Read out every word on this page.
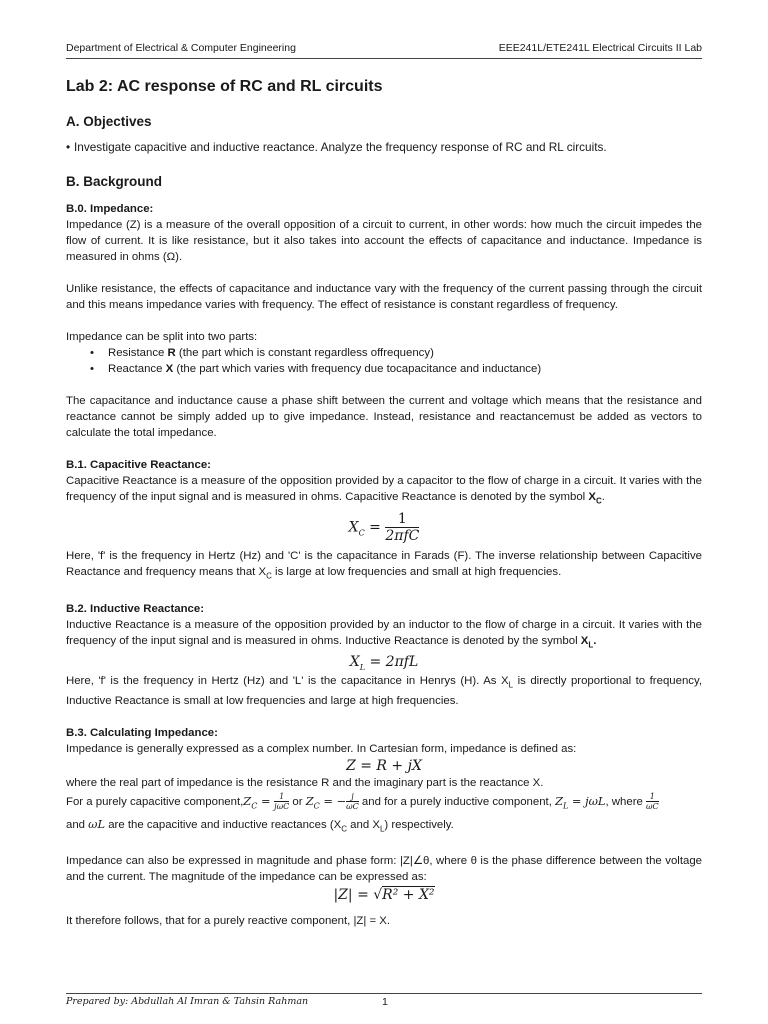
Department of Electrical & Computer Engineering	EEE241L/ETE241L Electrical Circuits II Lab
Lab 2: AC response of RC and RL circuits
A. Objectives
• Investigate capacitive and inductive reactance. Analyze the frequency response of RC and RL circuits.
B. Background

B.0. Impedance:

Impedance (Z) is a measure of the overall opposition of a circuit to current, in other words: how much the circuit impedes the flow of current. It is like resistance, but it also takes into account the effects of capacitance and inductance. Impedance is measured in ohms (Ω).

Unlike resistance, the effects of capacitance and inductance vary with the frequency of the current passing through the circuit and this means impedance varies with frequency. The effect of resistance is constant regardless of frequency.

Impedance can be split into two parts:

•	Resistance R (the part which is constant regardless offrequency)
•	Reactance X (the part which varies with frequency due tocapacitance and inductance)

The capacitance and inductance cause a phase shift between the current and voltage which means that the resistance and reactance cannot be simply added up to give impedance. Instead, resistance and reactancemust be added as vectors to calculate the total impedance.

B.1. Capacitive Reactance:

Capacitive Reactance is a measure of the opposition provided by a capacitor to the flow of charge in a circuit. It varies with the frequency of the input signal and is measured in ohms. Capacitive Reactance is denoted by the symbol $X_C$.

$X_C = \frac{1}{\text{2πfC}}$

Here, 'f' is the frequency in Hertz (Hz) and 'C' is the capacitance in Farads (F). The inverse relationship between Capacitive Reactance and frequency means that $X_C$ is large at low frequencies and small at high frequencies.

B.2. Inductive Reactance:

Inductive Reactance is a measure of the opposition provided by an inductor to the flow of charge in a circuit. It varies with the frequency of the input signal and is measured in ohms. Inductive Reactance is denoted by the symbol $X_L$.

$X_L = 2\pi fL$

Here, 'f' is the frequency in Hertz (Hz) and 'L' is the capacitance in Henrys (H). As $X_L$ is directly proportional to frequency, Inductive Reactance is small at low frequencies and large at high frequencies.

B.3. Calculating Impedance:

Impedance is generally expressed as a complex number. In Cartesian form, impedance is defined as:

Z = R + jX

where the real part of impedance is the resistance R and the imaginary part is the reactance X.

For a purely capacitive $component,Z_C = 1$
jωC or $Z_C$ = − $\frac{j}{\omega C}$ and for a purely inductive component, $Z_L = j\omega L$, where $\frac{1}{\omega C}$

and ωL are the capacitive and inductive reactances ($X_C$ and $X_L$) respectively.

Impedance can also be expressed in magnitude and phase form: |Z|∠θ, where θ is the phase difference between the voltage and the current. The magnitude of the impedance can be expressed as:

|Z| = √R² + X²

It therefore follows, that for a purely reactive component, |Z| = X.

Prepared by: Abdullah Al Imran & Tahsin Rahman	1
